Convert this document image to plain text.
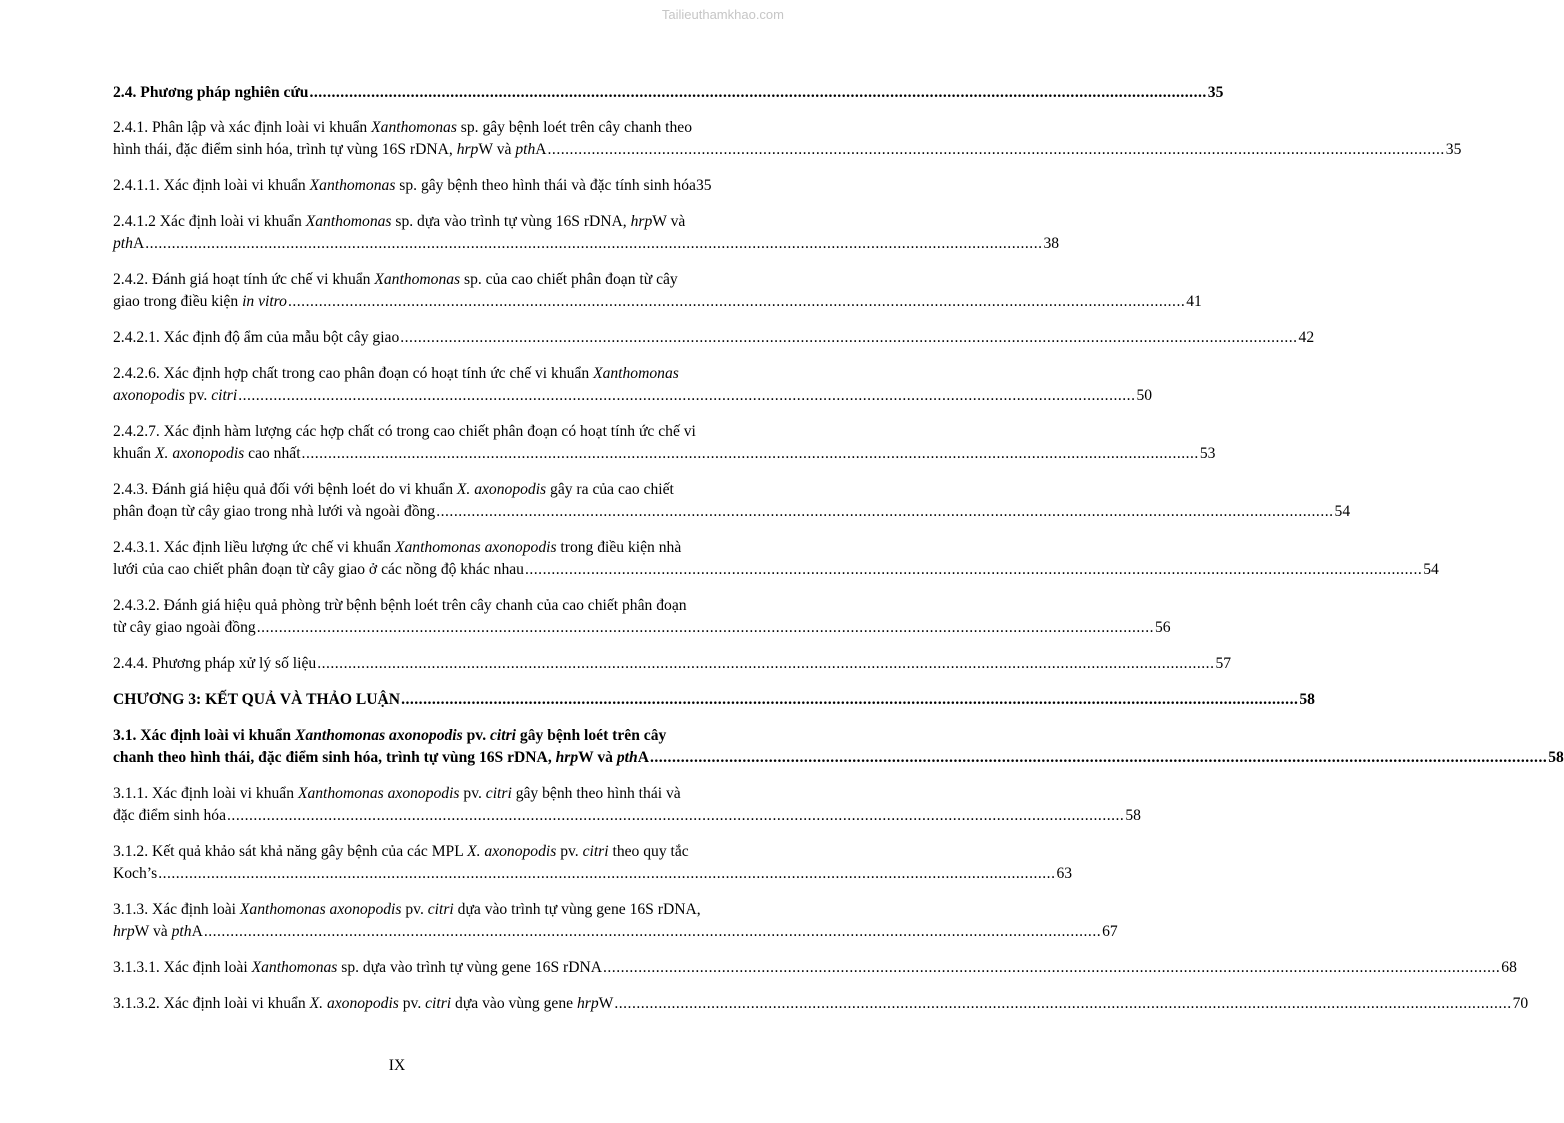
Tailieuthamkhao.com
2.4. Phương pháp nghiên cứu ............................................................................................................................................................................................................ 35
2.4.1. Phân lập và xác định loài vi khuẩn Xanthomonas sp. gây bệnh loét trên cây chanh theo
hình thái, đặc điểm sinh hóa, trình tự vùng 16S rDNA, hrpW và pthA ............................................................................................................................................................................................................ 35
2.4.1.1. Xác định loài vi khuẩn Xanthomonas sp. gây bệnh theo hình thái và đặc tính sinh hóa35
2.4.1.2 Xác định loài vi khuẩn Xanthomonas sp. dựa vào trình tự vùng 16S rDNA, hrpW và
pthA ............................................................................................................................................................................................................ 38
2.4.2. Đánh giá hoạt tính ức chế vi khuẩn Xanthomonas sp. của cao chiết phân đoạn từ cây
giao trong điều kiện in vitro ............................................................................................................................................................................................................ 41
2.4.2.1. Xác định độ ẩm của mẫu bột cây giao ............................................................................................................................................................................................................ 42
2.4.2.6. Xác định hợp chất trong cao phân đoạn có hoạt tính ức chế vi khuẩn Xanthomonas
axonopodis pv. citri ............................................................................................................................................................................................................ 50
2.4.2.7. Xác định hàm lượng các hợp chất có trong cao chiết phân đoạn có hoạt tính ức chế vi
khuẩn X. axonopodis cao nhất ............................................................................................................................................................................................................ 53
2.4.3. Đánh giá hiệu quả đối với bệnh loét do vi khuẩn X. axonopodis gây ra của cao chiết
phân đoạn từ cây giao trong nhà lưới và ngoài đồng ............................................................................................................................................................................................................ 54
2.4.3.1. Xác định liều lượng ức chế vi khuẩn Xanthomonas axonopodis trong điều kiện nhà
lưới của cao chiết phân đoạn từ cây giao ở các nồng độ khác nhau ............................................................................................................................................................................................................ 54
2.4.3.2. Đánh giá hiệu quả phòng trừ bệnh bệnh loét trên cây chanh của cao chiết phân đoạn
từ cây giao ngoài đồng ............................................................................................................................................................................................................ 56
2.4.4. Phương pháp xử lý số liệu ............................................................................................................................................................................................................ 57
CHƯƠNG 3: KẾT QUẢ VÀ THẢO LUẬN ............................................................................................................................................................................................................ 58
3.1. Xác định loài vi khuẩn Xanthomonas axonopodis pv. citri gây bệnh loét trên cây
chanh theo hình thái, đặc điểm sinh hóa, trình tự vùng 16S rDNA, hrpW và pthA ............................................................................................................................................................................................................ 58
3.1.1. Xác định loài vi khuẩn Xanthomonas axonopodis pv. citri gây bệnh theo hình thái và
đặc điểm sinh hóa ............................................................................................................................................................................................................ 58
3.1.2. Kết quả khảo sát khả năng gây bệnh của các MPL X. axonopodis pv. citri theo quy tắc
Koch’s ............................................................................................................................................................................................................ 63
3.1.3. Xác định loài Xanthomonas axonopodis pv. citri dựa vào trình tự vùng gene 16S rDNA,
hrpW và pthA ............................................................................................................................................................................................................ 67
3.1.3.1. Xác định loài Xanthomonas sp. dựa vào trình tự vùng gene 16S rDNA ............................................................................................................................................................................................................ 68
3.1.3.2. Xác định loài vi khuẩn X. axonopodis pv. citri dựa vào vùng gene hrpW ............................................................................................................................................................................................................ 70
IX
